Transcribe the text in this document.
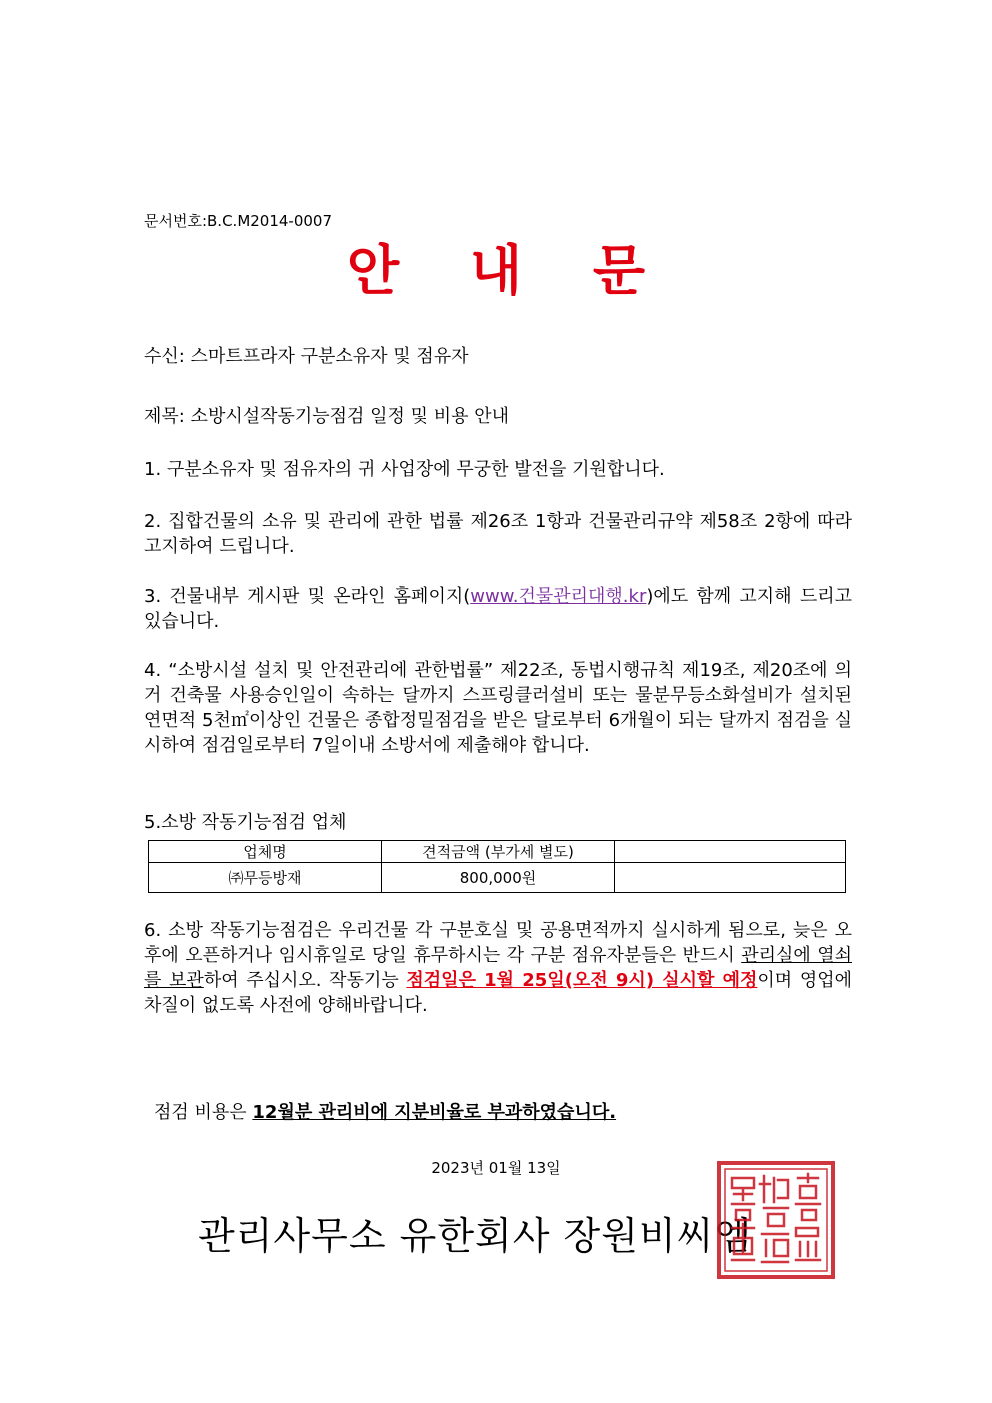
문서번호:B.C.M2014-0007
안 내 문
수신: 스마트프라자 구분소유자 및 점유자
제목: 소방시설작동기능점검 일정 및 비용 안내
1. 구분소유자 및 점유자의 귀 사업장에 무궁한 발전을 기원합니다.
2. 집합건물의 소유 및 관리에 관한 법률 제26조 1항과 건물관리규약 제58조 2항에 따라 고지하여 드립니다.
3. 건물내부 게시판 및 온라인 홈페이지(www.건물관리대행.kr)에도 함께 고지해 드리고 있습니다.
4. “소방시설 설치 및 안전관리에 관한법률” 제22조, 동법시행규칙 제19조, 제20조에 의거 건축물 사용승인일이 속하는 달까지 스프링클러설비 또는 물분무등소화설비가 설치된 연면적 5천㎡이상인 건물은 종합정밀점검을 받은 달로부터 6개월이 되는 달까지 점검을 실시하여 점검일로부터 7일이내 소방서에 제출해야 합니다.
5.소방 작동기능점검 업체
업체명	견적금액 (부가세 별도)	
㈜무등방재	800,000원	
6. 소방 작동기능점검은 우리건물 각 구분호실 및 공용면적까지 실시하게 됨으로, 늦은 오후에 오픈하거나 임시휴일로 당일 휴무하시는 각 구분 점유자분들은 반드시 관리실에 열쇠를 보관하여 주십시오. 작동기능 점검일은 1월 25일(오전 9시) 실시할 예정이며 영업에 차질이 없도록 사전에 양해바랍니다.
점검 비용은 12월분 관리비에 지분비율로 부과하였습니다.
2023년 01월 13일
관리사무소 유한회사 장원비씨엠
